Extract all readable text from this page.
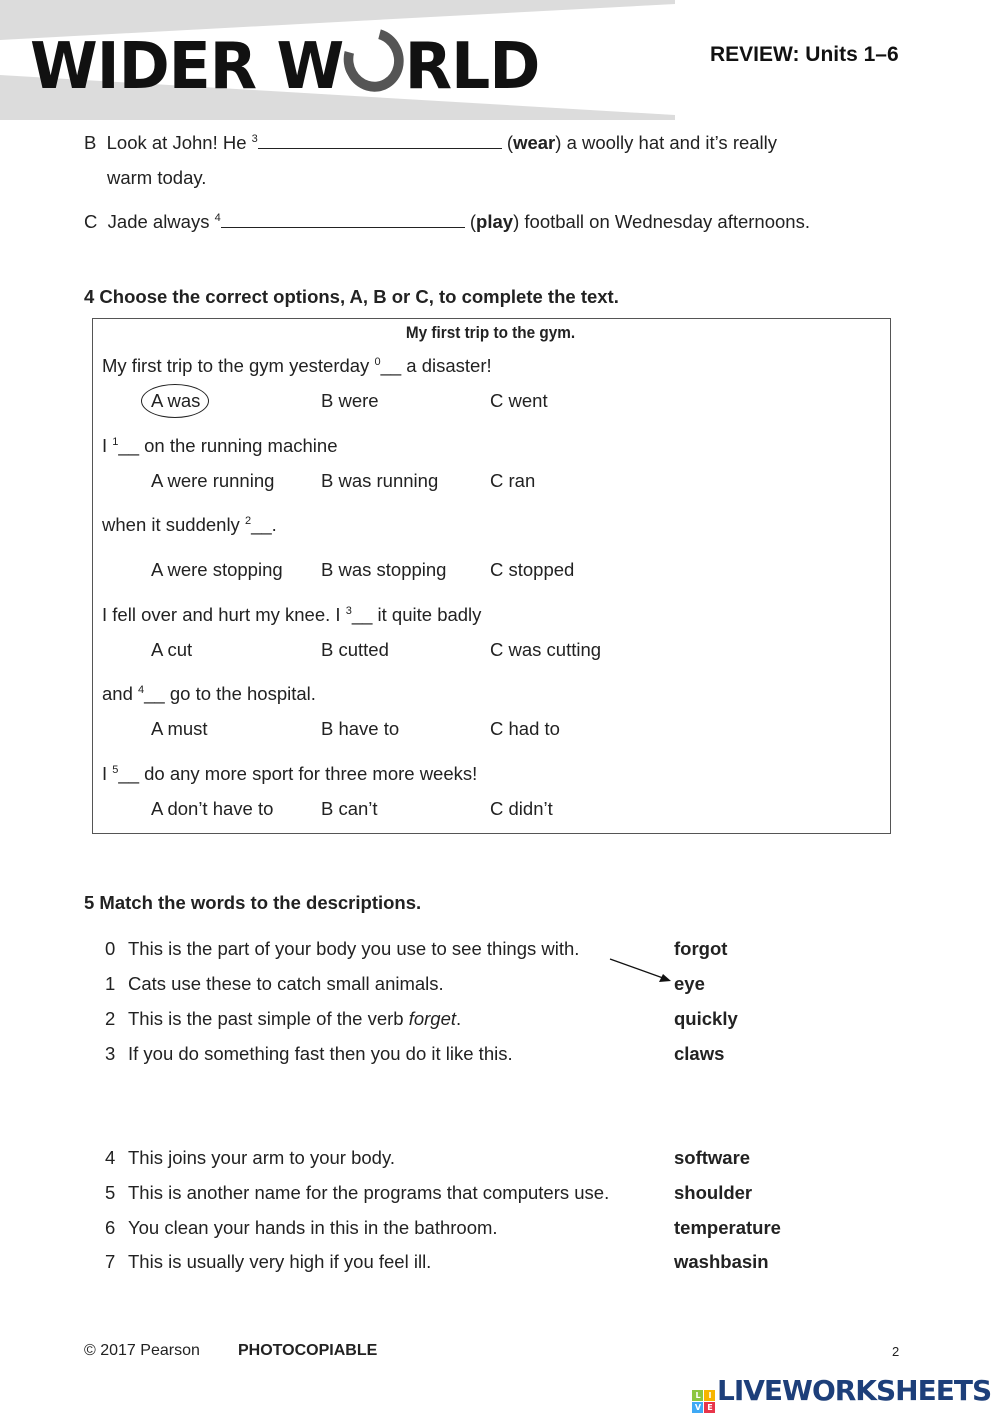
WIDER W RLD	REVIEW: Units 1–6
B Look at John! He $^3$	(wear) a woolly hat and it’s really
warm today.
C Jade always $^4$	(play) football on Wednesday afternoons.
4 Choose the correct options, A, B or C, to complete the text.
My first trip to the gym.
My first trip to the gym yesterday $^0$__ a disaster!
A was	B were	C went
I $^1$__ on the running machine
A were running	B was running	C ran
when it suddenly $^2$__.
A were stopping B was stopping C stopped
I fell over and hurt my knee. I $^3$__ it quite badly
A cut	B cutted	C was cutting
and $^4$__ go to the hospital.
A must	B have to	C had to
I $^5$__ do any more sport for three more weeks!
A don’t have to	B can’t	C didn’t
5 Match the words to the descriptions.
0 This is the part of your body you use to see things with.	forgot
1 Cats use these to catch small animals.	eye
2 This is the past simple of the verb forget.	quickly
3 If you do something fast then you do it like this.	claws
4 This joins your arm to your body.	software
5 This is another name for the programs that computers use.	shoulder
6 You clean your hands in this in the bathroom.	temperature
7 This is usually very high if you feel ill.	washbasin
© 2017 Pearson PHOTOCOPIABLE	2
L	I
V E
LIVEWORKSHEETS
